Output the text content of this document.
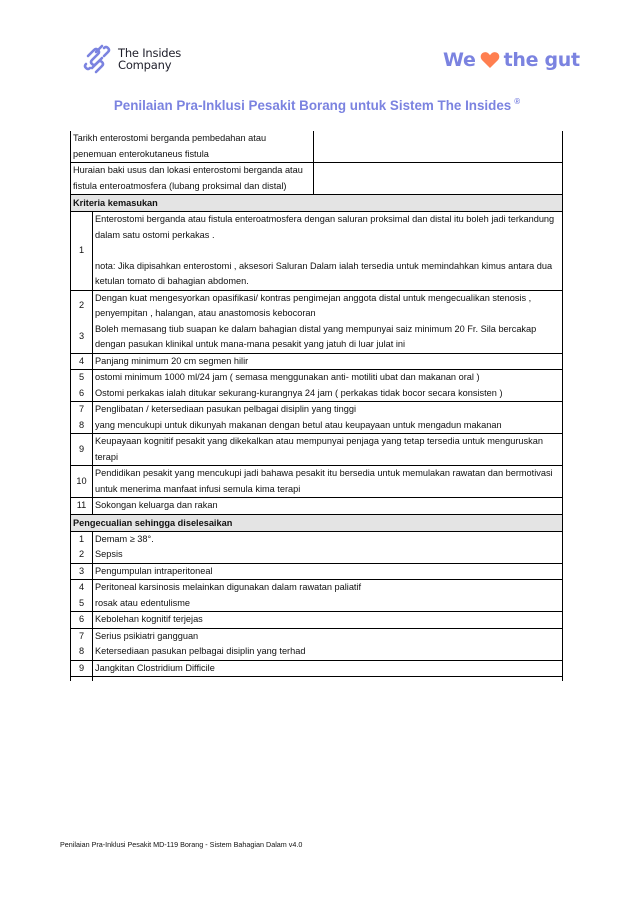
The Insides
Company	We the gut
Penilaian Pra-Inklusi Pesakit Borang untuk Sistem The Insides ®
Tarikh enterostomi berganda pembedahan atau penemuan enterokutaneus fistula
Huraian baki usus dan lokasi enterostomi berganda atau fistula enteroatmosfera (lubang proksimal dan distal)
Kriteria kemasukan
1
Enterostomi berganda atau fistula enteroatmosfera dengan saluran proksimal dan distal itu boleh jadi terkandung dalam satu ostomi perkakas .
nota: Jika dipisahkan enterostomi , aksesori Saluran Dalam ialah tersedia untuk memindahkan kimus antara dua ketulan tomato di bahagian abdomen.
2
Dengan kuat mengesyorkan opasifikasi/ kontras pengimejan anggota distal untuk mengecualikan stenosis , penyempitan , halangan, atau anastomosis kebocoran
3
Boleh memasang tiub suapan ke dalam bahagian distal yang mempunyai saiz minimum 20 Fr. Sila bercakap dengan pasukan klinikal untuk mana-mana pesakit yang jatuh di luar julat ini
4	Panjang minimum 20 cm segmen hilir
5	ostomi minimum 1000 ml/24 jam ( semasa menggunakan anti- motiliti ubat dan makanan oral )
6	Ostomi perkakas ialah ditukar sekurang-kurangnya 24 jam ( perkakas tidak bocor secara konsisten )
7	Penglibatan / ketersediaan pasukan pelbagai disiplin yang tinggi
8	yang mencukupi untuk dikunyah makanan dengan betul atau keupayaan untuk mengadun makanan
9
Keupayaan kognitif pesakit yang dikekalkan atau mempunyai penjaga yang tetap tersedia untuk menguruskan terapi
10
Pendidikan pesakit yang mencukupi jadi bahawa pesakit itu bersedia untuk memulakan rawatan dan bermotivasi untuk menerima manfaat infusi semula kima terapi
11 Sokongan keluarga dan rakan
Pengecualian sehingga diselesaikan
1	Demam ≥ 38°.
2	Sepsis
3	Pengumpulan intraperitoneal
4	Peritoneal karsinosis melainkan digunakan dalam rawatan paliatif
5	rosak atau edentulisme
6	Kebolehan kognitif terjejas
7	Serius psikiatri gangguan
8	Ketersediaan pasukan pelbagai disiplin yang terhad
9	Jangkitan Clostridium Difficile
Penilaian Pra-Inklusi Pesakit MD-119 Borang - Sistem Bahagian Dalam v4.0
